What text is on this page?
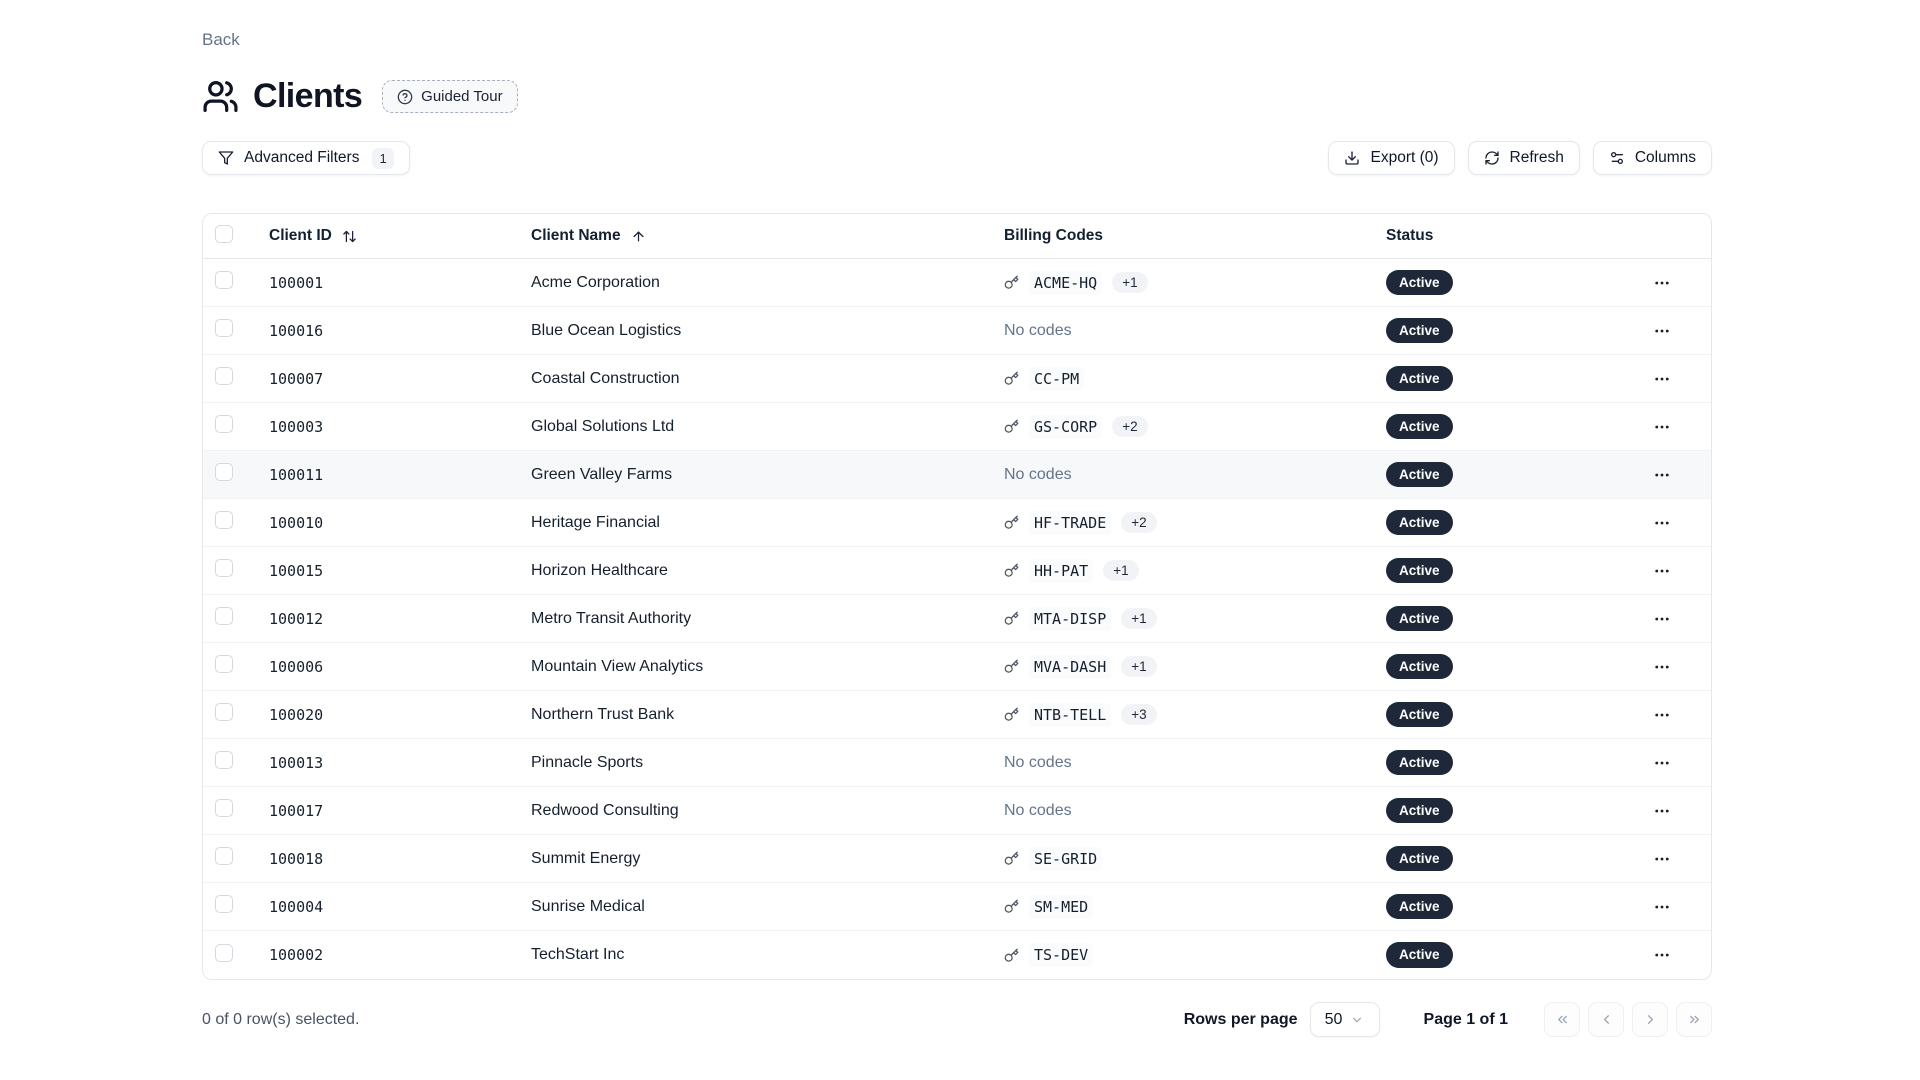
Back
Clients	Guided Tour
Advanced Filters	1	Export (0)	Refresh	Columns
Client ID	Client Name	Billing Codes	Status
100001	Acme Corporation	ACME-HQ	+1	Active
100016	Blue Ocean Logistics	No codes	Active
100007	Coastal Construction	CC-PM	Active
100003	Global Solutions Ltd	GS-CORP	+2	Active
100011	Green Valley Farms	No codes	Active
100010	Heritage Financial	HF-TRADE	+2	Active
100015	Horizon Healthcare	HH-PAT	+1	Active
100012	Metro Transit Authority	MTA-DISP	+1	Active
100006	Mountain View Analytics	MVA-DASH	+1	Active
100020	Northern Trust Bank	NTB-TELL	+3	Active
100013	Pinnacle Sports	No codes	Active
100017	Redwood Consulting	No codes	Active
100018	Summit Energy	SE-GRID	Active
100004	Sunrise Medical	SM-MED	Active
100002	TechStart Inc	TS-DEV	Active
0 of 0 row(s) selected.	Rows per page 50	Page 1 of 1
